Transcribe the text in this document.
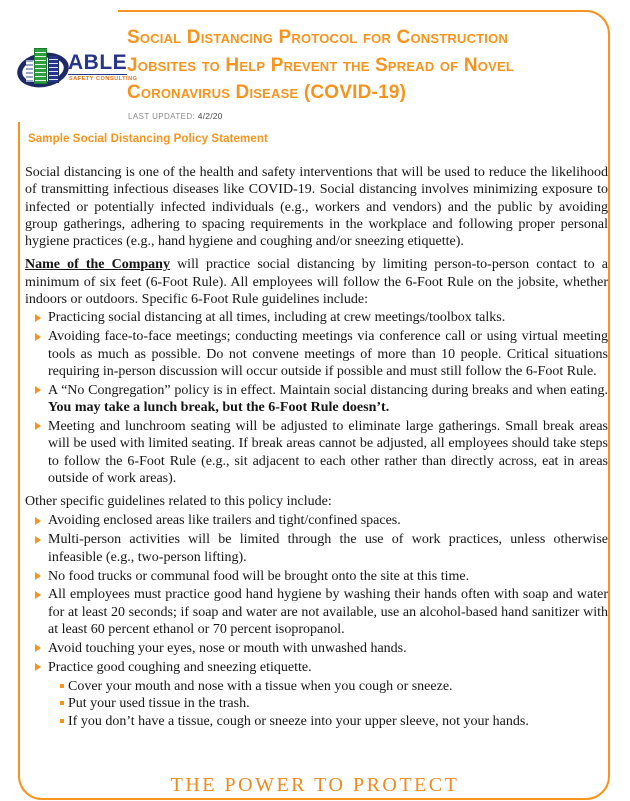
ABLE
SAFETY CONSULTING
Social Distancing Protocol for Construction
Jobsites to Help Prevent the Spread of Novel
Coronavirus Disease (COVID-19)
LAST UPDATED: 4/2/20
Sample Social Distancing Policy Statement

Social distancing is one of the health and safety interventions that will be used to reduce the likelihood of transmitting infectious diseases like COVID-19. Social distancing involves minimizing exposure to infected or potentially infected individuals (e.g., workers and vendors) and the public by avoiding group gatherings, adhering to spacing requirements in the workplace and following proper personal hygiene practices (e.g., hand hygiene and coughing and/or sneezing etiquette).

Name of the Company will practice social distancing by limiting person-to-person contact to a minimum of six feet (6-Foot Rule). All employees will follow the 6-Foot Rule on the jobsite, whether indoors or outdoors. Specific 6-Foot Rule guidelines include:

Practicing social distancing at all times, including at crew meetings/toolbox talks.
Avoiding face-to-face meetings; conducting meetings via conference call or using virtual meeting tools as much as possible. Do not convene meetings of more than 10 people. Critical situations requiring in-person discussion will occur outside if possible and must still follow the 6-Foot Rule.
A “No Congregation” policy is in effect. Maintain social distancing during breaks and when eating. You may take a lunch break, but the 6-Foot Rule doesn’t.
Meeting and lunchroom seating will be adjusted to eliminate large gatherings. Small break areas will be used with limited seating. If break areas cannot be adjusted, all employees should take steps to follow the 6-Foot Rule (e.g., sit adjacent to each other rather than directly across, eat in areas outside of work areas).

Other specific guidelines related to this policy include:

Avoiding enclosed areas like trailers and tight/confined spaces.
Multi-person activities will be limited through the use of work practices, unless otherwise infeasible (e.g., two-person lifting).
No food trucks or communal food will be brought onto the site at this time.
All employees must practice good hand hygiene by washing their hands often with soap and water for at least 20 seconds; if soap and water are not available, use an alcohol-based hand sanitizer with at least 60 percent ethanol or 70 percent isopropanol.
Avoid touching your eyes, nose or mouth with unwashed hands.
Practice good coughing and sneezing etiquette.
Cover your mouth and nose with a tissue when you cough or sneeze.
Put your used tissue in the trash.
If you don’t have a tissue, cough or sneeze into your upper sleeve, not your hands.
THE POWER TO PROTECT
